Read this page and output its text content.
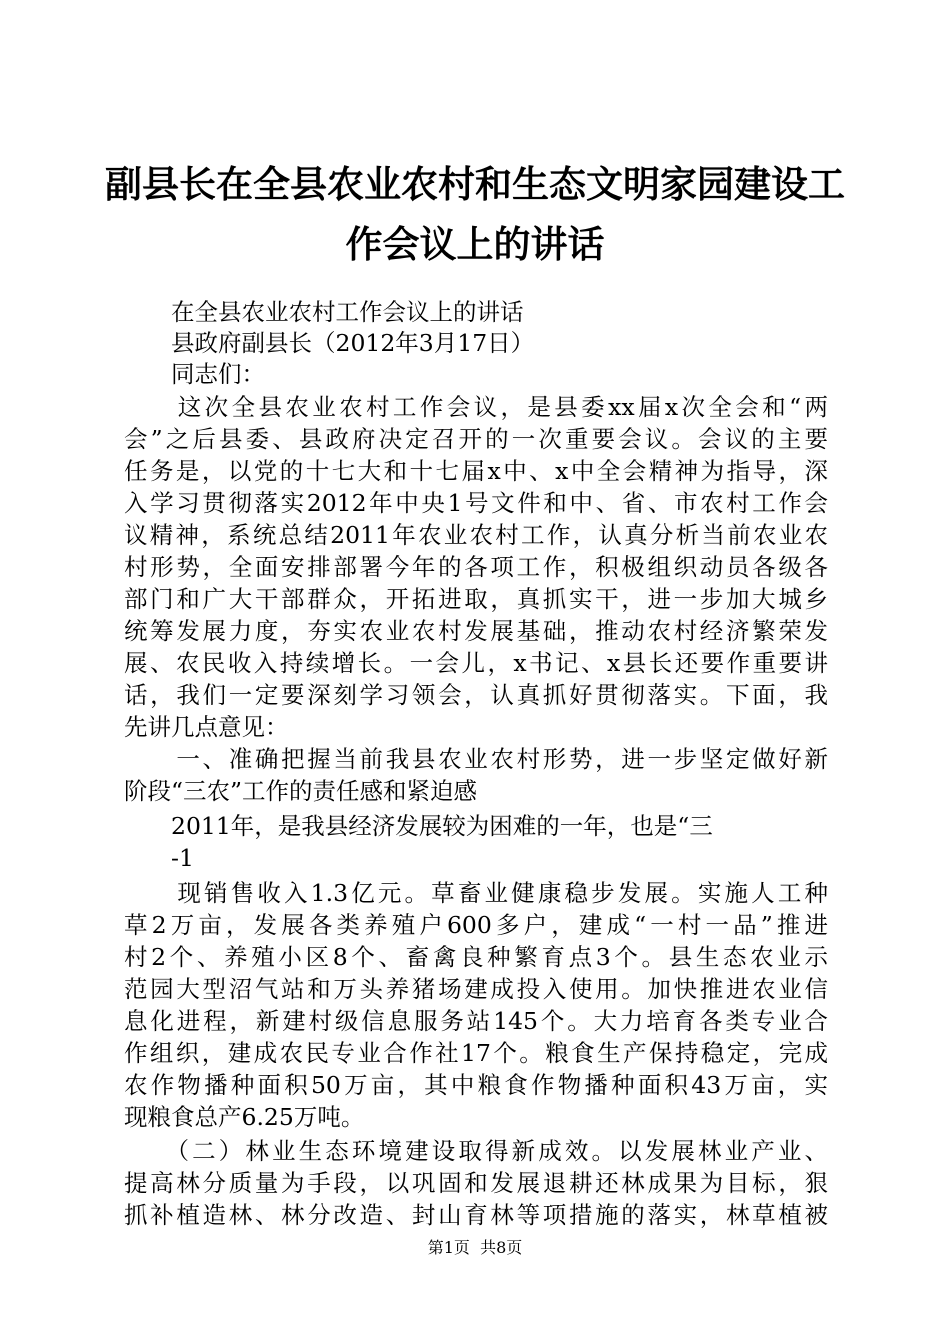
副县长在全县农业农村和生态文明家园建设工
作会议上的讲话
　　在全县农业农村工作会议上的讲话
　　县政府副县长（2012年3月17日）
　　同志们：
　　这次全县农业农村工作会议，是县委xx届x次全会和“两
会”之后县委、县政府决定召开的一次重要会议。会议的主要
任务是，以党的十七大和十七届x中、x中全会精神为指导，深
入学习贯彻落实2012年中央1号文件和中、省、市农村工作会
议精神，系统总结2011年农业农村工作，认真分析当前农业农
村形势，全面安排部署今年的各项工作，积极组织动员各级各
部门和广大干部群众，开拓进取，真抓实干，进一步加大城乡
统筹发展力度，夯实农业农村发展基础，推动农村经济繁荣发
展、农民收入持续增长。一会儿，x书记、x县长还要作重要讲
话，我们一定要深刻学习领会，认真抓好贯彻落实。下面，我
先讲几点意见：
　　一、准确把握当前我县农业农村形势，进一步坚定做好新
阶段“三农”工作的责任感和紧迫感
　　2011年，是我县经济发展较为困难的一年，也是“三
　　-1
　　现销售收入1.3亿元。草畜业健康稳步发展。实施人工种
草2万亩，发展各类养殖户600多户，建成“一村一品”推进
村2个、养殖小区8个、畜禽良种繁育点3个。县生态农业示
范园大型沼气站和万头养猪场建成投入使用。加快推进农业信
息化进程，新建村级信息服务站145个。大力培育各类专业合
作组织，建成农民专业合作社17个。粮食生产保持稳定，完成
农作物播种面积50万亩，其中粮食作物播种面积43万亩，实
现粮食总产6.25万吨。
　　（二）林业生态环境建设取得新成效。以发展林业产业、
提高林分质量为手段，以巩固和发展退耕还林成果为目标，狠
抓补植造林、林分改造、封山育林等项措施的落实，林草植被
第1页  共8页
